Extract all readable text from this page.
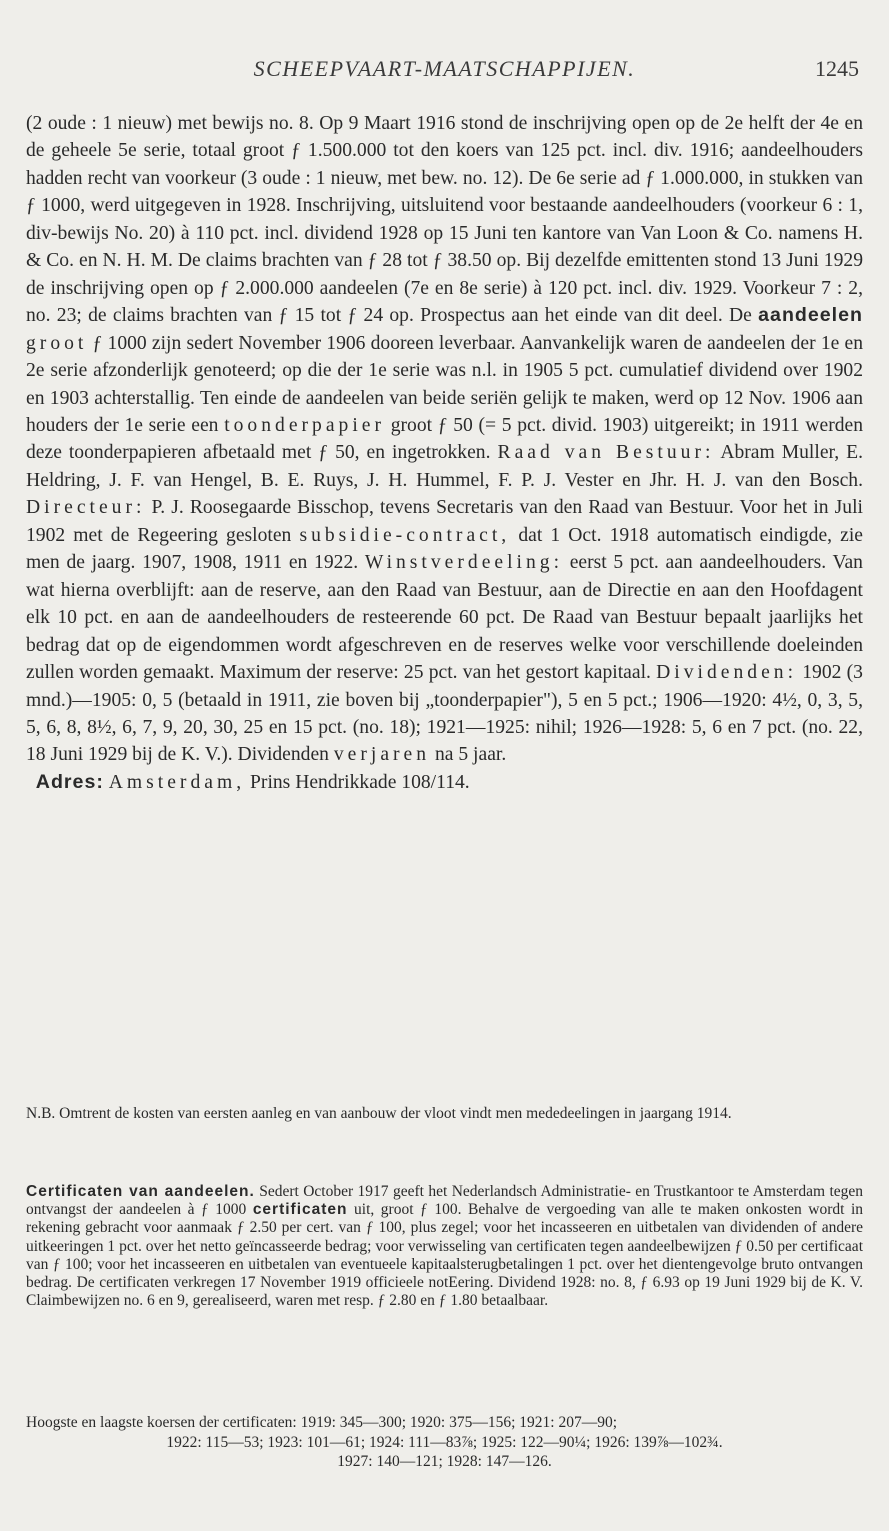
SCHEEPVAART-MAATSCHAPPIJEN.	1245

(2 oude : 1 nieuw) met bewijs no. 8. Op 9 Maart 1916 stond de inschrijving open op de 2e helft der 4e en de geheele 5e serie, totaal groot ƒ 1.500.000 tot den koers van 125 pct. incl. div. 1916; aandeelhouders hadden recht van voorkeur (3 oude : 1 nieuw, met bew. no. 12). De 6e serie ad ƒ 1.000.000, in stukken van ƒ 1000, werd uitgegeven in 1928. Inschrijving, uitsluitend voor bestaande aandeelhouders (voorkeur 6 : 1, div-bewijs No. 20) à 110 pct. incl. dividend 1928 op 15 Juni ten kantore van Van Loon & Co. namens H. & Co. en N. H. M. De claims brachten van ƒ 28 tot ƒ 38.50 op. Bij dezelfde emittenten stond 13 Juni 1929 de inschrijving open op ƒ 2.000.000 aandeelen (7e en 8e serie) à 120 pct. incl. div. 1929. Voorkeur 7 : 2, no. 23; de claims brachten van ƒ 15 tot ƒ 24 op. Prospectus aan het einde van dit deel. De aandeelen groot ƒ 1000 zijn sedert November 1906 dooreen leverbaar. Aanvankelijk waren de aandeelen der 1e en 2e serie afzonderlijk genoteerd; op die der 1e serie was n.l. in 1905 5 pct. cumulatief dividend over 1902 en 1903 achterstallig. Ten einde de aandeelen van beide seriën gelijk te maken, werd op 12 Nov. 1906 aan houders der 1e serie een toonderpapier groot ƒ 50 (= 5 pct. divid. 1903) uitgereikt; in 1911 werden deze toonderpapieren afbetaald met ƒ 50, en ingetrokken. Raad van Bestuur: Abram Muller, E. Heldring, J. F. van Hengel, B. E. Ruys, J. H. Hummel, F. P. J. Vester en Jhr. H. J. van den Bosch. Directeur: P. J. Roosegaarde Bisschop, tevens Secretaris van den Raad van Bestuur. Voor het in Juli 1902 met de Regeering gesloten subsidie-contract, dat 1 Oct. 1918 automatisch eindigde, zie men de jaarg. 1907, 1908, 1911 en 1922. Winstverdeeling: eerst 5 pct. aan aandeelhouders. Van wat hierna overblijft: aan de reserve, aan den Raad van Bestuur, aan de Directie en aan den Hoofdagent elk 10 pct. en aan de aandeelhouders de resteerende 60 pct. De Raad van Bestuur bepaalt jaarlijks het bedrag dat op de eigendommen wordt afgeschreven en de reserves welke voor verschillende doeleinden zullen worden gemaakt. Maximum der reserve: 25 pct. van het gestort kapitaal. Dividenden: 1902 (3 mnd.)—1905: 0, 5 (betaald in 1911, zie boven bij „toonderpapier"), 5 en 5 pct.; 1906—1920: 4½, 0, 3, 5, 5, 6, 8, 8½, 6, 7, 9, 20, 30, 25 en 15 pct. (no. 18); 1921—1925: nihil; 1926—1928: 5, 6 en 7 pct. (no. 22, 18 Juni 1929 bij de K. V.). Dividenden verjaren na 5 jaar.

Adres: Amsterdam, Prins Hendrikkade 108/114.

N.B. Omtrent de kosten van eersten aanleg en van aanbouw der vloot vindt men mededeelingen in jaargang 1914.

Certificaten van aandeelen. Sedert October 1917 geeft het Nederlandsch Administratie- en Trustkantoor te Amsterdam tegen ontvangst der aandeelen à ƒ 1000 certificaten uit, groot ƒ 100. Behalve de vergoeding van alle te maken onkosten wordt in rekening gebracht voor aanmaak ƒ 2.50 per cert. van ƒ 100, plus zegel; voor het incasseeren en uitbetalen van dividenden of andere uitkeeringen 1 pct. over het netto geïncasseerde bedrag; voor verwisseling van certificaten tegen aandeelbewijzen ƒ 0.50 per certificaat van ƒ 100; voor het incasseeren en uitbetalen van eventueele kapitaalsterugbetalingen 1 pct. over het dientengevolge bruto ontvangen bedrag. De certificaten verkregen 17 November 1919 officieele notEering. Dividend 1928: no. 8, ƒ 6.93 op 19 Juni 1929 bij de K. V. Claimbewijzen no. 6 en 9, gerealiseerd, waren met resp. ƒ 2.80 en ƒ 1.80 betaalbaar.

Hoogste en laagste koersen der certificaten: 1919: 345—300; 1920: 375—156; 1921: 207—90;

1922: 115—53; 1923: 101—61; 1924: 111—83⅞; 1925: 122—90¼; 1926: 139⅞—102¾.

1927: 140—121; 1928: 147—126.
